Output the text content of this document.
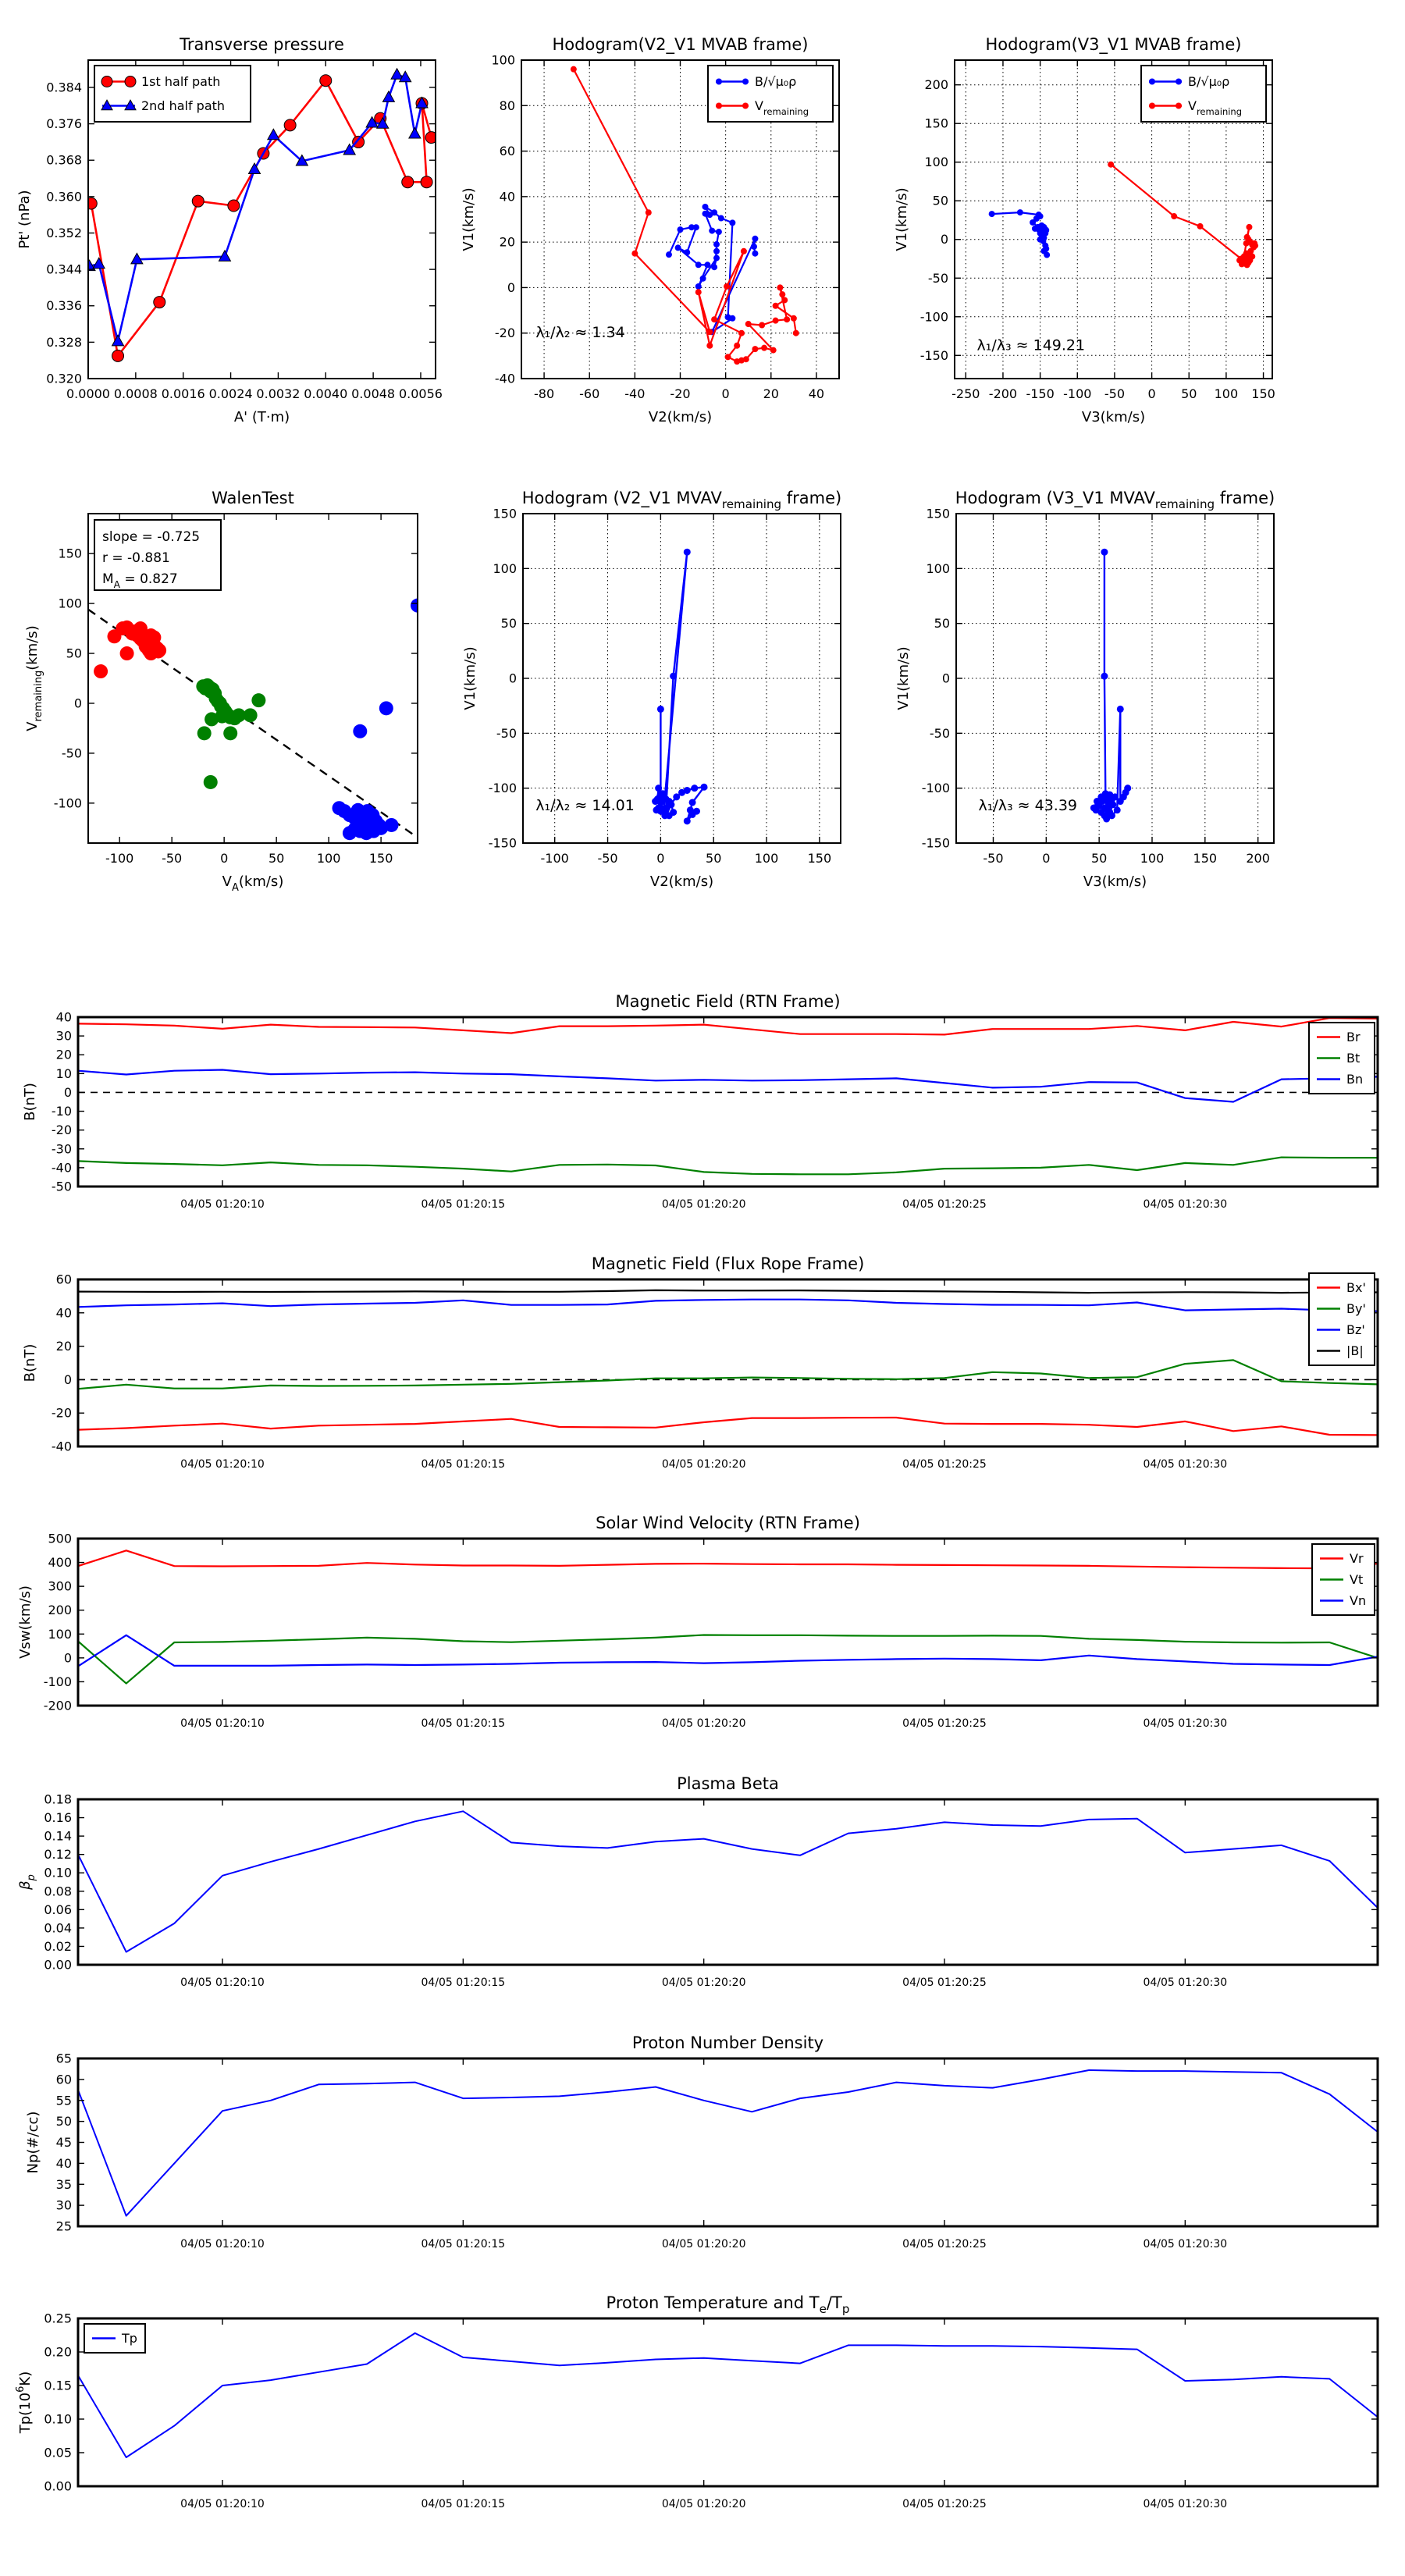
0.0000 0.0008 0.0016 0.0024 0.0032 0.0040 0.0048 0.0056
0.320
0.328
0.336
0.344
0.352
0.360
0.368
0.376
0.384
Transverse pressure
A' (T·m)
Pt' (nPa)
1st half path
2nd half path
-80 -60 -40 -20 0	20 40
-40
-20
0
20
40
60
80
100
Hodogram(V2_V1 MVAB frame)
V2(km/s)
V1(km/s)
λ₁/λ₂ ≈ 1.34
B/√μ₀ρ
$V_{remaining}$
-250 -200 -150 -100 -50 0 50 100 150
-150
-100
-50
0
50
100
150
200
Hodogram(V3_V1 MVAB frame)
V3(km/s)
V1(km/s)
λ₁/λ₃ ≈ 149.21
B/√μ₀ρ
$V_{remaining}$
-100 -50	0	50	100 150
-100
-50
0
50
100
150
WalenTest
$V_A(km/s)$
$V_{remaining}(km/s)$
slope = -0.725
r = -0.881
$M_A = 0.827$
-100 -50	0	50	100 150
-150
-100
-50
0
50
100
150
Hodogram (V2_V1 $MVAV_{remaining}$ frame)
V2(km/s)
V1(km/s)
λ₁/λ₂ ≈ 14.01
-50	0	50	100 150 200
-150
-100
-50
0
50
100
150
Hodogram (V3_V1 $MVAV_{remaining}$ frame)
V3(km/s)
V1(km/s)
λ₁/λ₃ ≈ 43.39
04/05 01:20:10	04/05 01:20:15	04/05 01:20:20	04/05 01:20:25	04/05 01:20:30
-50
-40
-30
-20
-10
0
10
20
30
40
Magnetic Field (RTN Frame)
B(nT)
Br
Bt
Bn
04/05 01:20:10	04/05 01:20:15	04/05 01:20:20	04/05 01:20:25	04/05 01:20:30
-40
-20
0
20
40
60
Magnetic Field (Flux Rope Frame)
B(nT)
Bx'
By'
Bz'
|B|
04/05 01:20:10	04/05 01:20:15	04/05 01:20:20	04/05 01:20:25	04/05 01:20:30
-200
-100
0
100
200
300
400
500
Solar Wind Velocity (RTN Frame)
Vsw(km/s)
Vr
Vt
Vn
04/05 01:20:10	04/05 01:20:15	04/05 01:20:20	04/05 01:20:25	04/05 01:20:30
0.00
0.02
0.04
0.06
0.08
0.10
0.12
0.14
0.16
0.18
Plasma Beta
$\beta_p$
04/05 01:20:10	04/05 01:20:15	04/05 01:20:20	04/05 01:20:25	04/05 01:20:30
25
30
35
40
45
50
55
60
65
Proton Number Density
Np(#/cc)
04/05 01:20:10	04/05 01:20:15	04/05 01:20:20	04/05 01:20:25	04/05 01:20:30
0.00
0.05
0.10
0.15
0.20
0.25
Proton Temperature and $T_e/T_p$
$Tp(10^6K)$
Tp
